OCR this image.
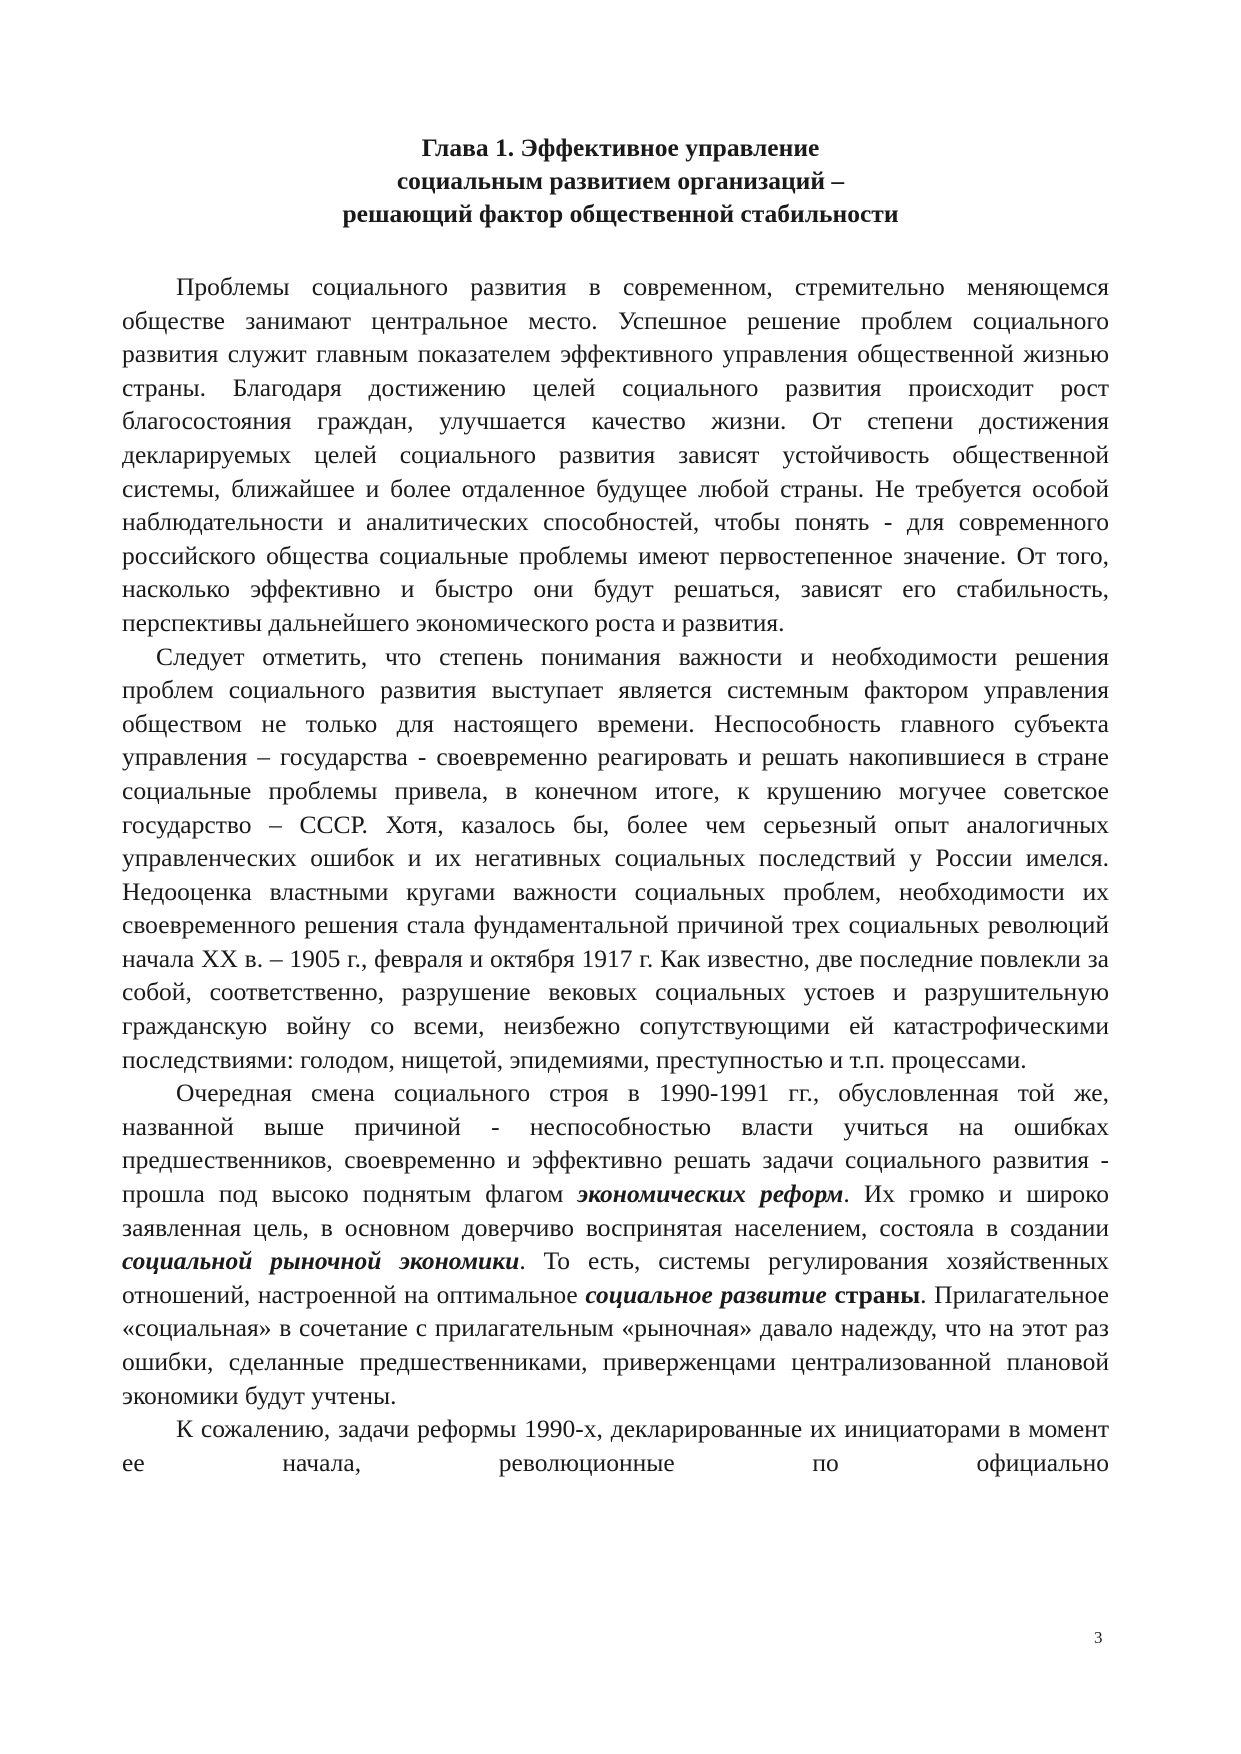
Глава 1. Эффективное управление
социальным развитием организаций –
решающий фактор общественной стабильности

Проблемы социального развития в современном, стремительно меняющемся обществе занимают центральное место. Успешное решение проблем социального развития служит главным показателем эффективного управления общественной жизнью страны. Благодаря достижению целей социального развития происходит рост благосостояния граждан, улучшается качество жизни. От степени достижения декларируемых целей социального развития зависят устойчивость общественной системы, ближайшее и более отдаленное будущее любой страны. Не требуется особой наблюдательности и аналитических способностей, чтобы понять - для современного российского общества социальные проблемы имеют первостепенное значение. От того, насколько эффективно и быстро они будут решаться, зависят его стабильность, перспективы дальнейшего экономического роста и развития.

Следует отметить, что степень понимания важности и необходимости решения проблем социального развития выступает является системным фактором управления обществом не только для настоящего времени. Неспособность главного субъекта управления – государства - своевременно реагировать и решать накопившиеся в стране социальные проблемы привела, в конечном итоге, к крушению могучее советское государство – СССР. Хотя, казалось бы, более чем серьезный опыт аналогичных управленческих ошибок и их негативных социальных последствий у России имелся. Недооценка властными кругами важности социальных проблем, необходимости их своевременного решения стала фундаментальной причиной трех социальных революций начала XX в. – 1905 г., февраля и октября 1917 г. Как известно, две последние повлекли за собой, соответственно, разрушение вековых социальных устоев и разрушительную гражданскую войну со всеми, неизбежно сопутствующими ей катастрофическими последствиями: голодом, нищетой, эпидемиями, преступностью и т.п. процессами.

Очередная смена социального строя в 1990-1991 гг., обусловленная той же, названной выше причиной - неспособностью власти учиться на ошибках предшественников, своевременно и эффективно решать задачи социального развития - прошла под высоко поднятым флагом экономических реформ. Их громко и широко заявленная цель, в основном доверчиво воспринятая населением, состояла в создании социальной рыночной экономики. То есть, системы регулирования хозяйственных отношений, настроенной на оптимальное социальное развитие страны. Прилагательное «социальная» в сочетание с прилагательным «рыночная» давало надежду, что на этот раз ошибки, сделанные предшественниками, приверженцами централизованной плановой экономики будут учтены.

К сожалению, задачи реформы 1990-х, декларированные их инициаторами в момент ее начала, революционные по официально

3
